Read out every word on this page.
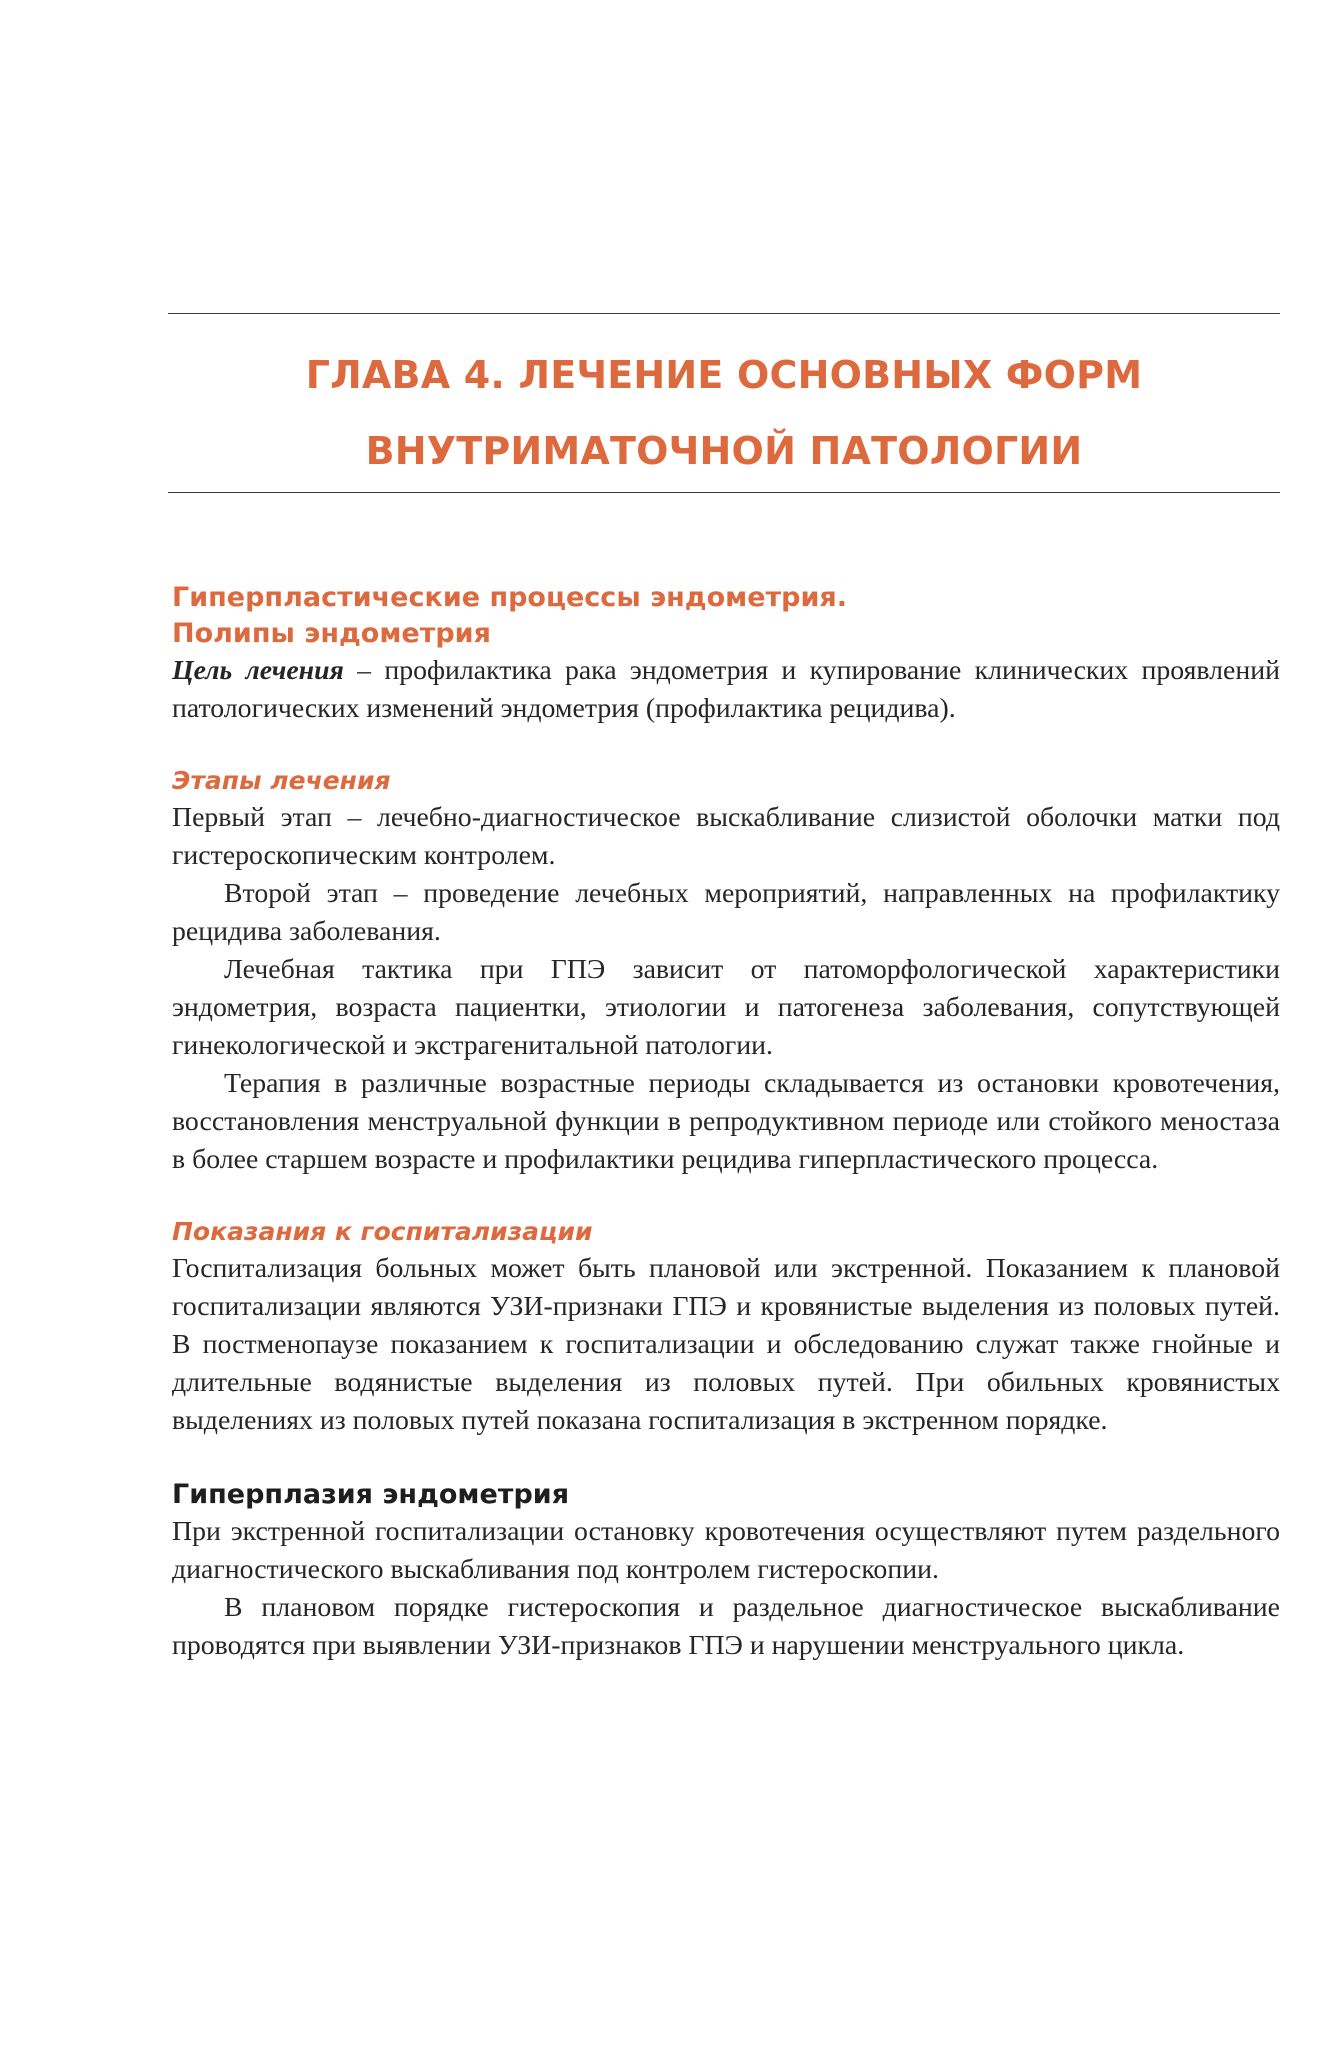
ГЛАВА 4. ЛЕЧЕНИЕ ОСНОВНЫХ ФОРМ
ВНУТРИМАТОЧНОЙ ПАТОЛОГИИ
Гиперпластические процессы эндометрия.
Полипы эндометрия

Цель лечения – профилактика рака эндометрия и купирование клинических проявлений патологических изменений эндометрия (профилактика рецидива).

Этапы лечения

Первый этап – лечебно-диагностическое выскабливание слизистой оболочки матки под гистероскопическим контролем.

Второй этап – проведение лечебных мероприятий, направленных на профилактику рецидива заболевания.

Лечебная тактика при ГПЭ зависит от патоморфологической характеристики эндометрия, возраста пациентки, этиологии и патогенеза заболевания, сопутствующей гинекологической и экстрагенитальной патологии.

Терапия в различные возрастные периоды складывается из остановки кровотечения, восстановления менструальной функции в репродуктивном периоде или стойкого меностаза в более старшем возрасте и профилактики рецидива гиперпластического процесса.

Показания к госпитализации

Госпитализация больных может быть плановой или экстренной. Показанием к плановой госпитализации являются УЗИ-признаки ГПЭ и кровянистые выделения из половых путей. В постменопаузе показанием к госпитализации и обследованию служат также гнойные и длительные водянистые выделения из половых путей. При обильных кровянистых выделениях из половых путей показана госпитализация в экстренном порядке.

Гиперплазия эндометрия

При экстренной госпитализации остановку кровотечения осуществляют путем раздельного диагностического выскабливания под контролем гистероскопии.

В плановом порядке гистероскопия и раздельное диагностическое выскабливание проводятся при выявлении УЗИ-признаков ГПЭ и нарушении менструального цикла.
